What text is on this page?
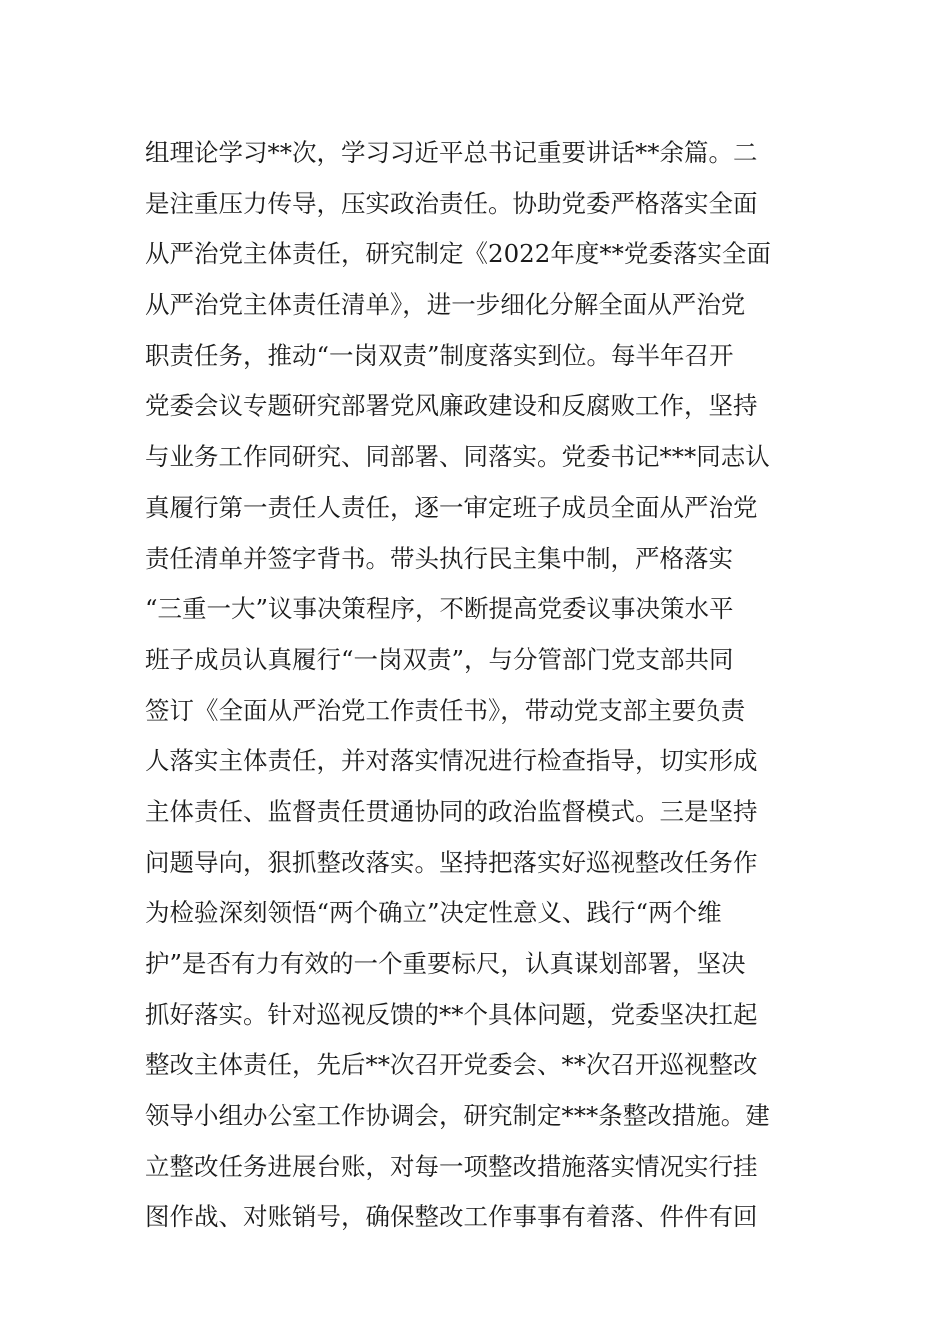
组理论学习**次，学习习近平总书记重要讲话**余篇。二
是注重压力传导，压实政治责任。协助党委严格落实全面
从严治党主体责任，研究制定《2022年度**党委落实全面
从严治党主体责任清单》，进一步细化分解全面从严治党
职责任务，推动“一岗双责”制度落实到位。每半年召开
党委会议专题研究部署党风廉政建设和反腐败工作，坚持
与业务工作同研究、同部署、同落实。党委书记***同志认
真履行第一责任人责任，逐一审定班子成员全面从严治党
责任清单并签字背书。带头执行民主集中制，严格落实
“三重一大”议事决策程序，不断提高党委议事决策水平
班子成员认真履行“一岗双责”，与分管部门党支部共同
签订《全面从严治党工作责任书》，带动党支部主要负责
人落实主体责任，并对落实情况进行检查指导，切实形成
主体责任、监督责任贯通协同的政治监督模式。三是坚持
问题导向，狠抓整改落实。坚持把落实好巡视整改任务作
为检验深刻领悟“两个确立”决定性意义、践行“两个维
护”是否有力有效的一个重要标尺，认真谋划部署，坚决
抓好落实。针对巡视反馈的**个具体问题，党委坚决扛起
整改主体责任，先后**次召开党委会、**次召开巡视整改
领导小组办公室工作协调会，研究制定***条整改措施。建
立整改任务进展台账，对每一项整改措施落实情况实行挂
图作战、对账销号，确保整改工作事事有着落、件件有回
